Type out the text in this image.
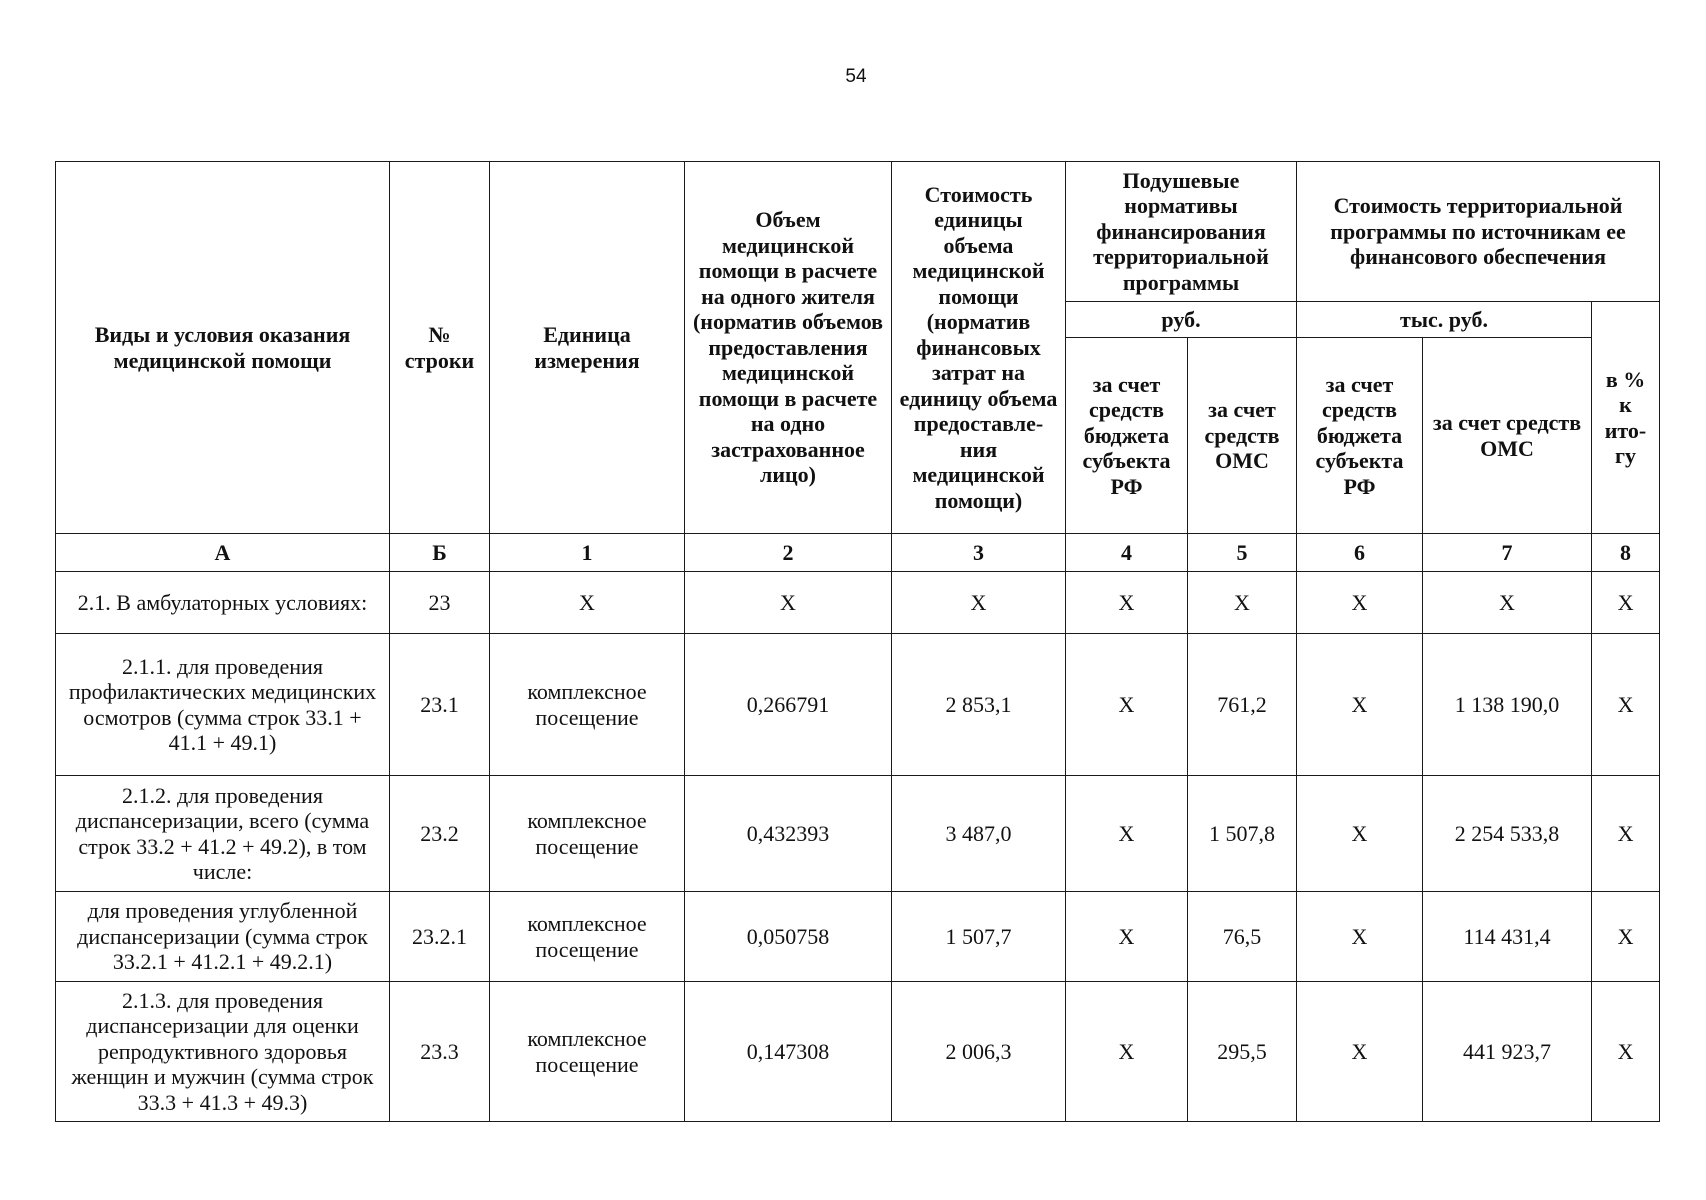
54
Виды и условия оказания медицинской помощи	№ строки	Единица измерения	Объем медицинской помощи в расчете на одного жителя (норматив объемов предоставления медицинской помощи в расчете на одно застрахованное лицо)	Стоимость единицы объема медицинской помощи (норматив финансовых затрат на единицу объема предоставле-ния медицинской помощи)	Подушевые нормативы финансирования территориальной программы		Стоимость территориальной программы по источникам ее финансового обеспечения		
					руб.		тыс. руб.		в % к ито-гу
					за счет средств бюджета субъекта РФ	за счет средств ОМС	за счет средств бюджета субъекта РФ	за счет средств ОМС	
А	Б	1	2	3	4	5	6	7	8
2.1. В амбулаторных условиях:	23	Х	Х	Х	Х	Х	Х	Х	Х
2.1.1. для проведения профилактических медицинских осмотров (сумма строк 33.1 + 41.1 + 49.1)	23.1	комплексное посещение	0,266791	2 853,1	Х	761,2	Х	1 138 190,0	Х
2.1.2. для проведения диспансеризации, всего (сумма строк 33.2 + 41.2 + 49.2), в том числе:	23.2	комплексное посещение	0,432393	3 487,0	Х	1 507,8	Х	2 254 533,8	Х
для проведения углубленной диспансеризации (сумма строк 33.2.1 + 41.2.1 + 49.2.1)	23.2.1	комплексное посещение	0,050758	1 507,7	Х	76,5	Х	114 431,4	Х
2.1.3. для проведения диспансеризации для оценки репродуктивного здоровья женщин и мужчин (сумма строк 33.3 + 41.3 + 49.3)	23.3	комплексное посещение	0,147308	2 006,3	Х	295,5	Х	441 923,7	Х
